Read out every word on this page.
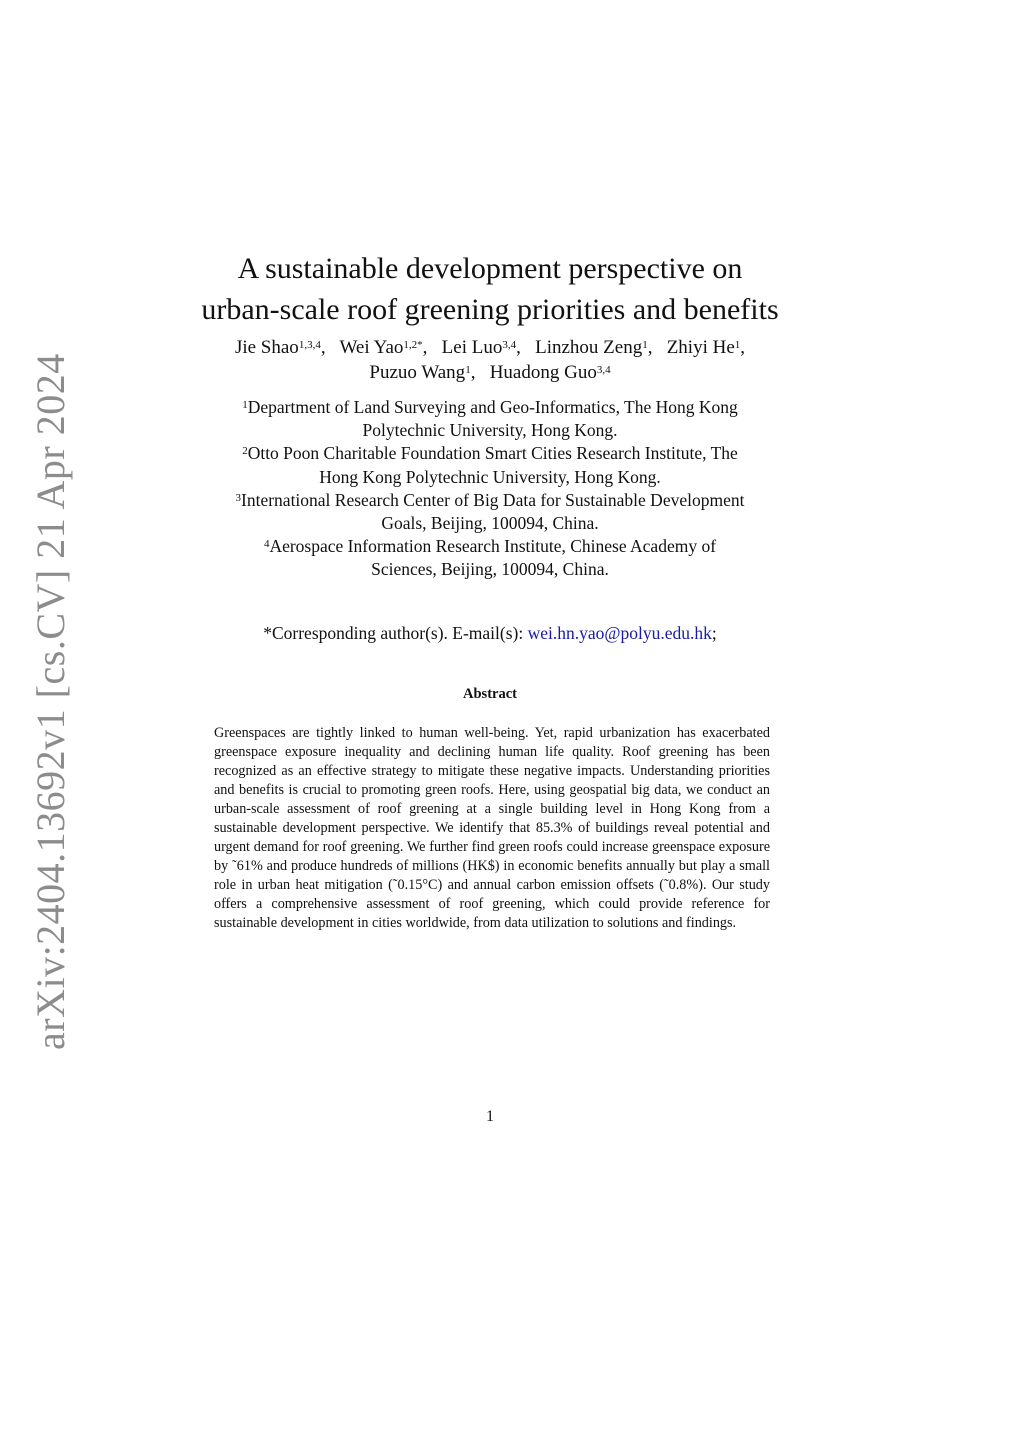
arXiv:2404.13692v1 [cs.CV] 21 Apr 2024
A sustainable development perspective on
urban-scale roof greening priorities and benefits
Jie Shao$^{1,3,4}$,   Wei Yao$^{1,2*}$,   Lei Luo$^{3,4}$,   Linzhou Zeng$^1$,   Zhiyi He$^1$,
Puzuo Wang$^1$,   Huadong Guo$^{3,4}$

$^1$Department of Land Surveying and Geo-Informatics, The Hong Kong
Polytechnic University, Hong Kong.

$^2$Otto Poon Charitable Foundation Smart Cities Research Institute, The
Hong Kong Polytechnic University, Hong Kong.

$^3$International Research Center of Big Data for Sustainable Development
Goals, Beijing, 100094, China.

$^4$Aerospace Information Research Institute, Chinese Academy of
Sciences, Beijing, 100094, China.

*Corresponding author(s). E-mail(s): wei.hn.yao@polyu.edu.hk;
Abstract

Greenspaces are tightly linked to human well-being. Yet, rapid urbanization has exacerbated greenspace exposure inequality and declining human life quality. Roof greening has been recognized as an effective strategy to mitigate these negative impacts. Understanding priorities and benefits is crucial to promoting green roofs. Here, using geospatial big data, we conduct an urban-scale assessment of roof greening at a single building level in Hong Kong from a sustainable development perspective. We identify that 85.3% of buildings reveal potential and urgent demand for roof greening. We further find green roofs could increase greenspace exposure by ˜61% and produce hundreds of millions (HK$) in economic benefits annually but play a small role in urban heat mitigation (˜0.15°C) and annual carbon emission offsets (˜0.8%). Our study offers a comprehensive assessment of roof greening, which could provide reference for sustainable development in cities worldwide, from data utilization to solutions and findings.

1
